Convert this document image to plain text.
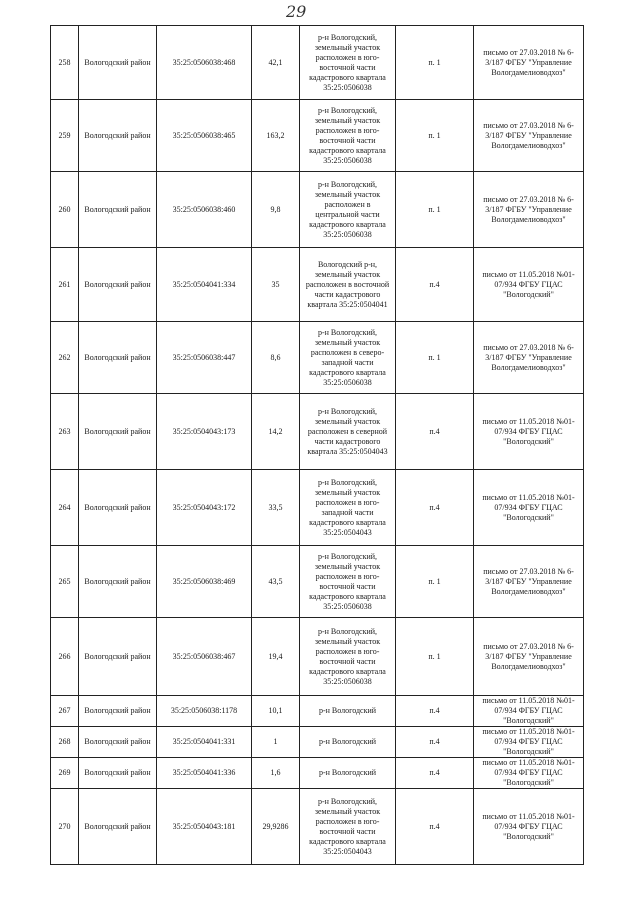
29
258	Вологодский район	35:25:0506038:468	42,1	р-н Вологодский, земельный участок расположен в юго-восточной части кадастрового квартала 35:25:0506038	п. 1	письмо от 27.03.2018 № 6-3/187 ФГБУ "Управление Вологдамелиоводхоз"
259	Вологодский район	35:25:0506038:465	163,2	р-н Вологодский, земельный участок расположен в юго-восточной части кадастрового квартала 35:25:0506038	п. 1	письмо от 27.03.2018 № 6-3/187 ФГБУ "Управление Вологдамелиоводхоз"
260	Вологодский район	35:25:0506038:460	9,8	р-н Вологодский, земельный участок расположен в центральной части кадастрового квартала 35:25:0506038	п. 1	письмо от 27.03.2018 № 6-3/187 ФГБУ "Управление Вологдамелиоводхоз"
261	Вологодский район	35:25:0504041:334	35	Вологодский р-н, земельный участок расположен в восточной части кадастрового квартала 35:25:0504041	п.4	письмо от 11.05.2018 №01-07/934 ФГБУ ГЦАС "Вологодский"
262	Вологодский район	35:25:0506038:447	8,6	р-н Вологодский, земельный участок расположен в северо-западной части кадастрового квартала 35:25:0506038	п. 1	письмо от 27.03.2018 № 6-3/187 ФГБУ "Управление Вологдамелиоводхоз"
263	Вологодский район	35:25:0504043:173	14,2	р-н Вологодский, земельный участок расположен в северной части кадастрового квартала 35:25:0504043	п.4	письмо от 11.05.2018 №01-07/934 ФГБУ ГЦАС "Вологодский"
264	Вологодский район	35:25:0504043:172	33,5	р-н Вологодский, земельный участок расположен в юго-западной части кадастрового квартала 35:25:0504043	п.4	письмо от 11.05.2018 №01-07/934 ФГБУ ГЦАС "Вологодский"
265	Вологодский район	35:25:0506038:469	43,5	р-н Вологодский, земельный участок расположен в юго-восточной части кадастрового квартала 35:25:0506038	п. 1	письмо от 27.03.2018 № 6-3/187 ФГБУ "Управление Вологдамелиоводхоз"
266	Вологодский район	35:25:0506038:467	19,4	р-н Вологодский, земельный участок расположен в юго-восточной части кадастрового квартала 35:25:0506038	п. 1	письмо от 27.03.2018 № 6-3/187 ФГБУ "Управление Вологдамелиоводхоз"
267	Вологодский район	35:25:0506038:1178	10,1	р-н Вологодский	п.4	письмо от 11.05.2018 №01-07/934 ФГБУ ГЦАС "Вологодский"
268	Вологодский район	35:25:0504041:331	1	р-н Вологодский	п.4	письмо от 11.05.2018 №01-07/934 ФГБУ ГЦАС "Вологодский"
269	Вологодский район	35:25:0504041:336	1,6	р-н Вологодский	п.4	письмо от 11.05.2018 №01-07/934 ФГБУ ГЦАС "Вологодский"
270	Вологодский район	35:25:0504043:181	29,9286	р-н Вологодский, земельный участок расположен в юго-восточной части кадастрового квартала 35:25:0504043	п.4	письмо от 11.05.2018 №01-07/934 ФГБУ ГЦАС "Вологодский"
